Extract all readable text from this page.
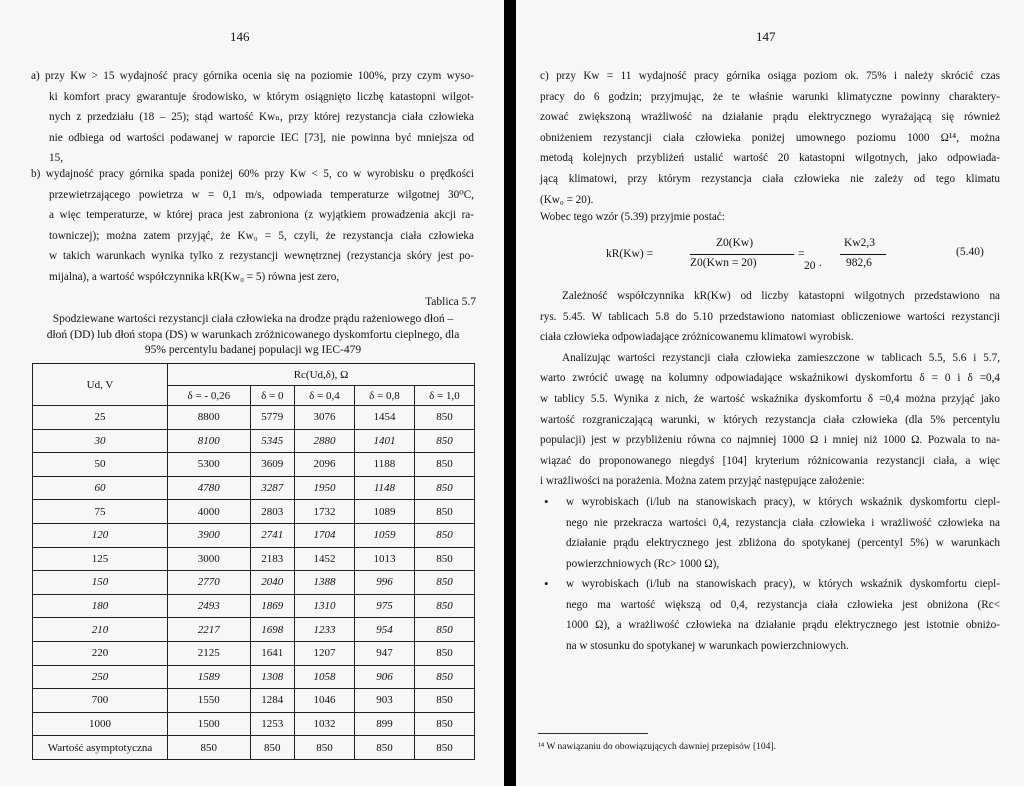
146
a) przy Kw > 15 wydajność pracy górnika ocenia się na poziomie 100%, przy czym wyso-
ki komfort pracy gwarantuje środowisko, w którym osiągnięto liczbę katastopni wilgot-
nych z przedziału (18 – 25); stąd wartość Kwₙ, przy której rezystancja ciała człowieka
nie odbiega od wartości podawanej w raporcie IEC [73], nie powinna być mniejsza od
15,
b) wydajność pracy górnika spada poniżej 60% przy Kw < 5, co w wyrobisku o prędkości
przewietrzającego powietrza w = 0,1 m/s, odpowiada temperaturze wilgotnej 30⁰C,
a więc temperaturze, w której praca jest zabroniona (z wyjątkiem prowadzenia akcji ra-
towniczej); można zatem przyjąć, że Kw₀ = 5, czyli, że rezystancja ciała człowieka
w takich warunkach wynika tylko z rezystancji wewnętrznej (rezystancja skóry jest po-
mijalna), a wartość współczynnika kR(Kw₀ = 5) równa jest zero,
Tablica 5.7
Spodziewane wartości rezystancji ciała człowieka na drodze prądu rażeniowego dłoń –
dłoń (DD) lub dłoń stopa (DS) w warunkach zróżnicowanego dyskomfortu cieplnego, dla
95% percentylu badanej populacji wg IEC-479
Ud, V	Rc(Ud,δ), Ω				
	δ = - 0,26	δ = 0	δ = 0,4	δ = 0,8	δ = 1,0
25	8800	5779	3076	1454	850
30	8100	5345	2880	1401	850
50	5300	3609	2096	1188	850
60	4780	3287	1950	1148	850
75	4000	2803	1732	1089	850
120	3900	2741	1704	1059	850
125	3000	2183	1452	1013	850
150	2770	2040	1388	996	850
180	2493	1869	1310	975	850
210	2217	1698	1233	954	850
220	2125	1641	1207	947	850
250	1589	1308	1058	906	850
700	1550	1284	1046	903	850
1000	1500	1253	1032	899	850
Wartość asymptotyczna	850	850	850	850	850
147
c) przy Kw = 11 wydajność pracy górnika osiąga poziom ok. 75% i należy skrócić czas
pracy do 6 godzin; przyjmując, że te właśnie warunki klimatyczne powinny charaktery-
zować zwiększoną wrażliwość na działanie prądu elektrycznego wyrażającą się również
obniżeniem rezystancji ciała człowieka poniżej umownego poziomu 1000 Ω¹⁴, można
metodą kolejnych przybliżeń ustalić wartość 20 katastopni wilgotnych, jako odpowiada-
jącą klimatowi, przy którym rezystancja ciała człowieka nie zależy od tego klimatu
(Kw₀ = 20).
Wobec tego wzór (5.39) przyjmie postać:
kR(Kw) =
Z0(Kw)
Z0(Kwn = 20)
=
20 ·
Kw2,3
982,6
(5.40)
Zależność współczynnika kR(Kw) od liczby katastopni wilgotnych przedstawiono na
rys. 5.45. W tablicach 5.8 do 5.10 przedstawiono natomiast obliczeniowe wartości rezystancji
ciała człowieka odpowiadające zróżnicowanemu klimatowi wyrobisk.
Analizując wartości rezystancji ciała człowieka zamieszczone w tablicach 5.5, 5.6 i 5.7,
warto zwrócić uwagę na kolumny odpowiadające wskaźnikowi dyskomfortu δ = 0 i δ =0,4
w tablicy 5.5. Wynika z nich, że wartość wskaźnika dyskomfortu δ =0,4 można przyjąć jako
wartość rozgraniczającą warunki, w których rezystancja ciała człowieka (dla 5% percentylu
populacji) jest w przybliżeniu równa co najmniej 1000 Ω i mniej niż 1000 Ω. Pozwala to na-
wiązać do proponowanego niegdyś [104] kryterium różnicowania rezystancji ciała, a więc
i wrażliwości na porażenia. Można zatem przyjąć następujące założenie:
• w wyrobiskach (i/lub na stanowiskach pracy), w których wskaźnik dyskomfortu ciepl-
nego nie przekracza wartości 0,4, rezystancja ciała człowieka i wrażliwość człowieka na
działanie prądu elektrycznego jest zbliżona do spotykanej (percentyl 5%) w warunkach
powierzchniowych (Rc> 1000 Ω),
• w wyrobiskach (i/lub na stanowiskach pracy), w których wskaźnik dyskomfortu ciepl-
nego ma wartość większą od 0,4, rezystancja ciała człowieka jest obniżona (Rc<
1000 Ω), a wrażliwość człowieka na działanie prądu elektrycznego jest istotnie obniżo-
na w stosunku do spotykanej w warunkach powierzchniowych.
¹⁴ W nawiązaniu do obowiązujących dawniej przepisów [104].
